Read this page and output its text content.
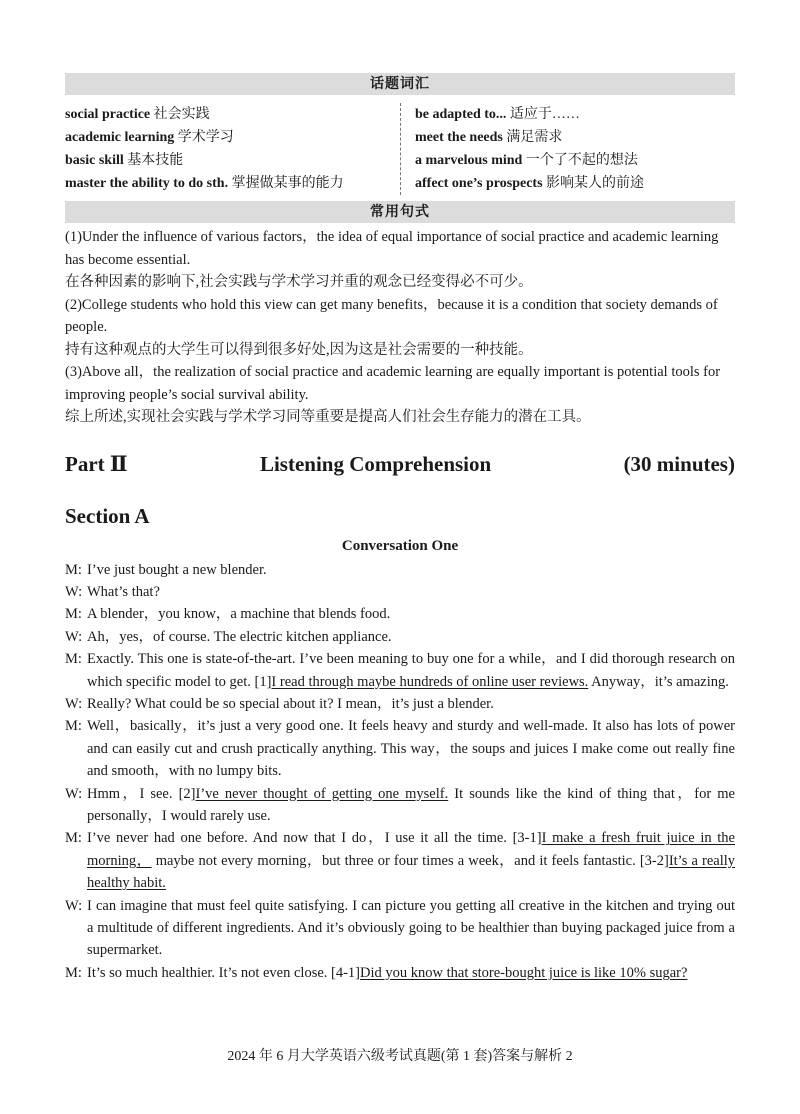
话题词汇
social practice 社会实践
academic learning 学术学习
basic skill 基本技能
master the ability to do sth. 掌握做某事的能力
be adapted to... 适应于……
meet the needs 满足需求
a marvelous mind 一个了不起的想法
affect one’s prospects 影响某人的前途
常用句式

(1)Under the influence of various factors，the idea of equal importance of social practice and academic learning has become essential.

在各种因素的影响下,社会实践与学术学习并重的观念已经变得必不可少。

(2)College students who hold this view can get many benefits，because it is a condition that society demands of people.

持有这种观点的大学生可以得到很多好处,因为这是社会需要的一种技能。

(3)Above all，the realization of social practice and academic learning are equally important is potential tools for improving people’s social survival ability.

综上所述,实现社会实践与学术学习同等重要是提高人们社会生存能力的潜在工具。

Part Ⅱ	Listening Comprehension	(30 minutes)
Section A
Conversation One

M: I’ve just bought a new blender.

W: What’s that?

M: A blender，you know，a machine that blends food.

W: Ah，yes，of course. The electric kitchen appliance.

M: Exactly. This one is state-of-the-art. I’ve been meaning to buy one for a while，and I did thorough research on which specific model to get. [1]I read through maybe hundreds of online user reviews. Anyway，it’s amazing.

W: Really? What could be so special about it? I mean，it’s just a blender.

M: Well，basically，it’s just a very good one. It feels heavy and sturdy and well-made. It also has lots of power and can easily cut and crush practically anything. This way，the soups and juices I make come out really fine and smooth，with no lumpy bits.

W: Hmm，I see. [2]I’ve never thought of getting one myself. It sounds like the kind of thing that，for me personally，I would rarely use.

M: I’ve never had one before. And now that I do，I use it all the time. [3-1]I make a fresh fruit juice in the morning， maybe not every morning，but three or four times a week，and it feels fantastic. [3-2]It’s a really healthy habit.

W: I can imagine that must feel quite satisfying. I can picture you getting all creative in the kitchen and trying out a multitude of different ingredients. And it’s obviously going to be healthier than buying packaged juice from a supermarket.

M: It’s so much healthier. It’s not even close. [4-1]Did you know that store-bought juice is like 10% sugar?

2024 年 6 月大学英语六级考试真题(第 1 套)答案与解析 2
